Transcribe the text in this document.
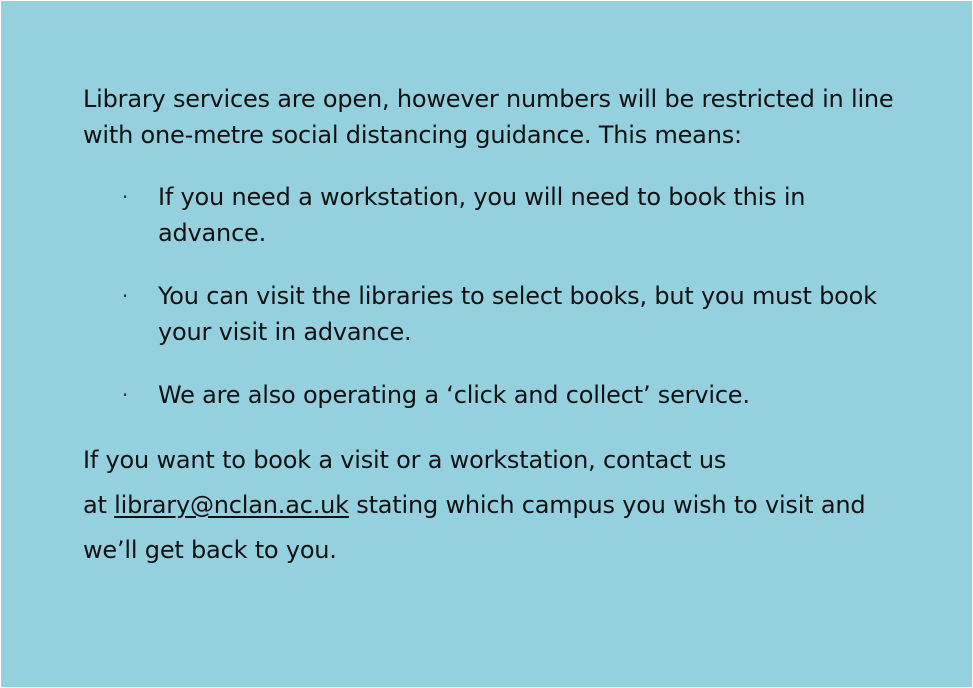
Library services are open, however numbers will be restricted in line with one-metre social distancing guidance. This means:

· If you need a workstation, you will need to book this in advance.
· You can visit the libraries to select books, but you must book your visit in advance.
· We are also operating a ‘click and collect’ service.

If you want to book a visit or a workstation, contact us
at library@nclan.ac.uk stating which campus you wish to visit and we’ll get back to you.
